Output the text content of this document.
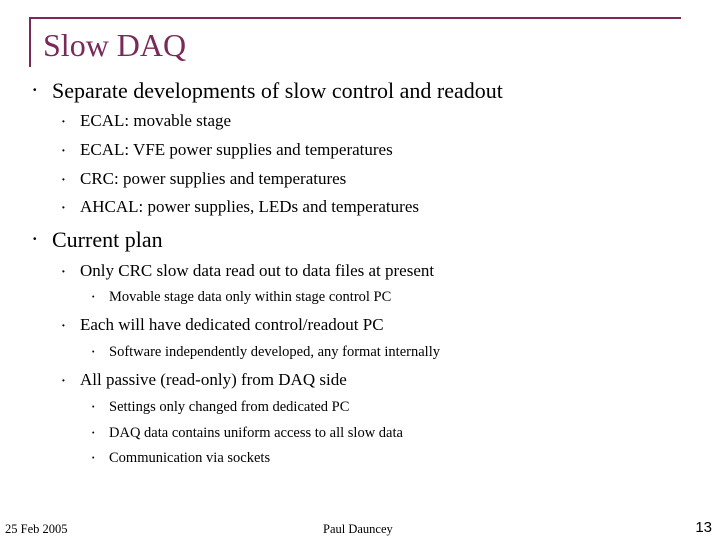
Slow DAQ
• Separate developments of slow control and readout
• ECAL: movable stage
• ECAL: VFE power supplies and temperatures
• CRC: power supplies and temperatures
• AHCAL: power supplies, LEDs and temperatures
• Current plan
• Only CRC slow data read out to data files at present
• Movable stage data only within stage control PC
• Each will have dedicated control/readout PC
• Software independently developed, any format internally
• All passive (read-only) from DAQ side
• Settings only changed from dedicated PC
• DAQ data contains uniform access to all slow data
• Communication via sockets
25 Feb 2005	Paul Dauncey	13
